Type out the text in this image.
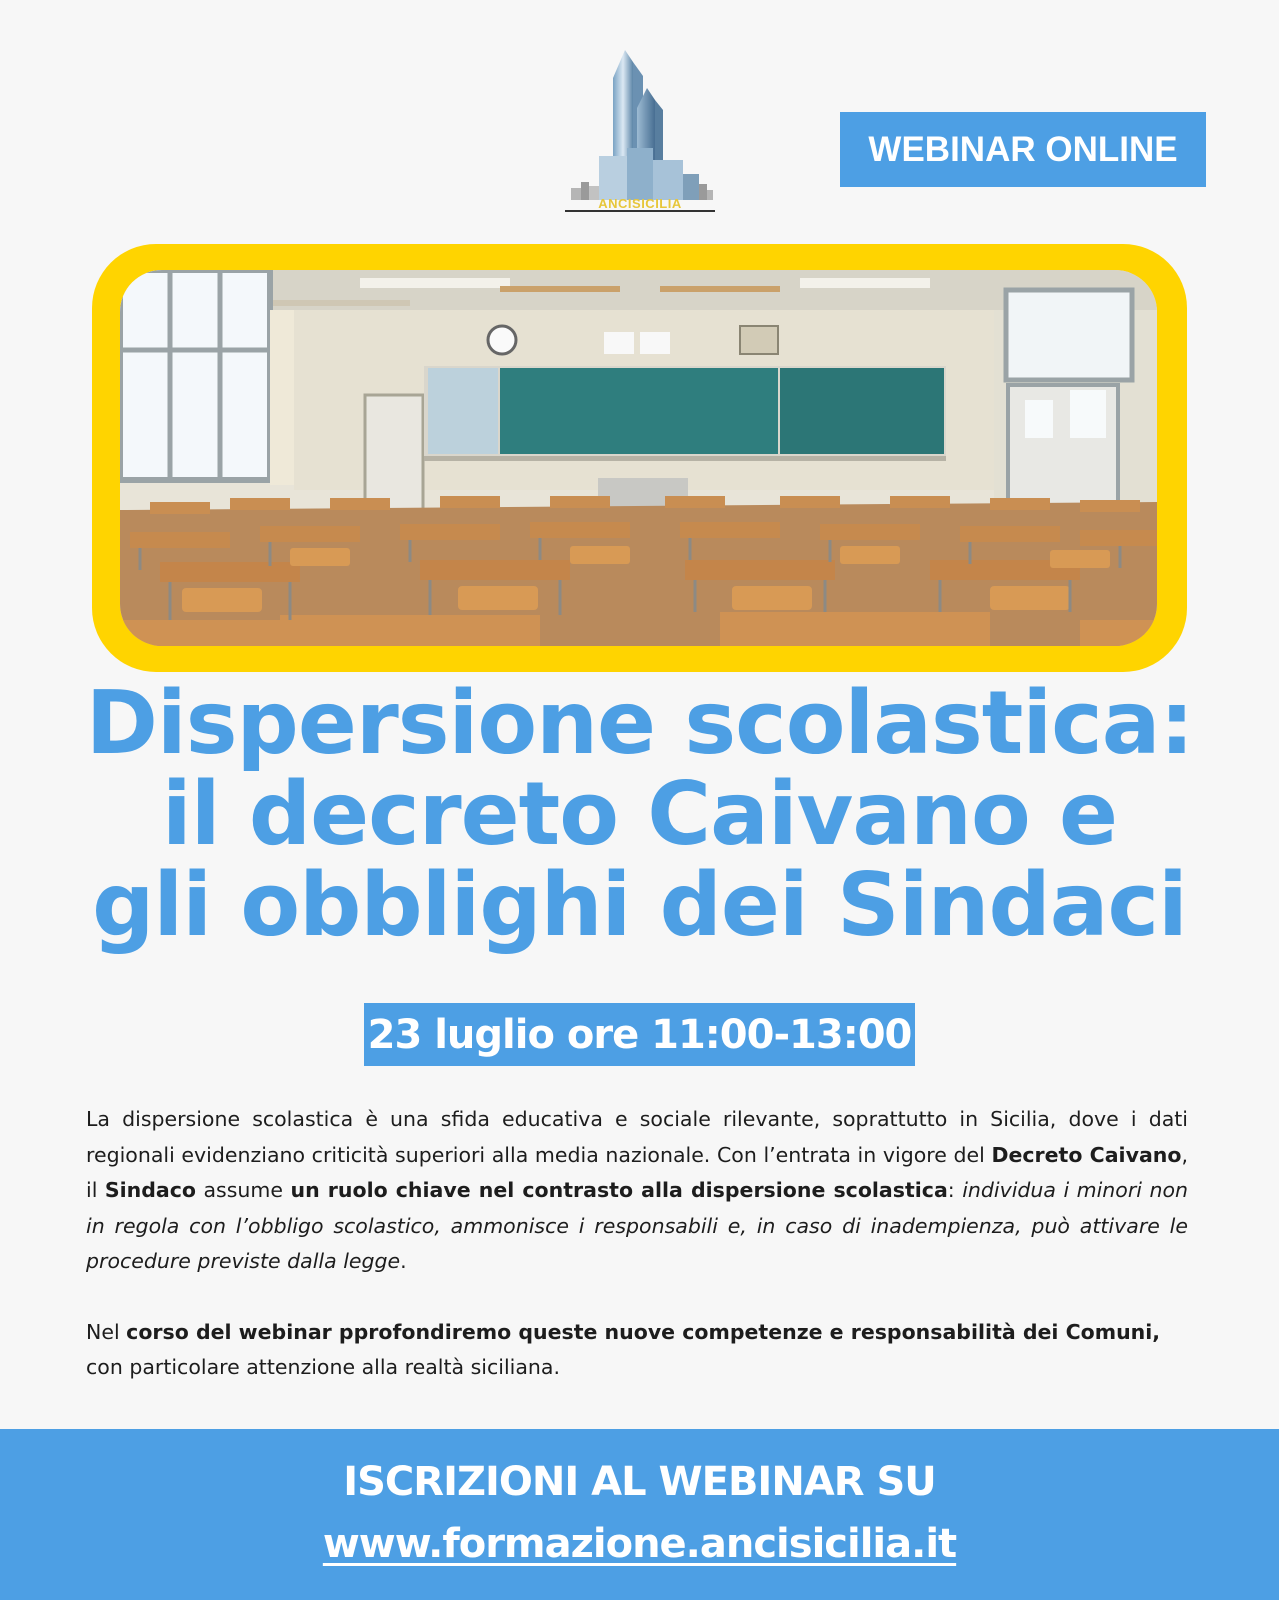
ANCISICILIA
WEBINAR ONLINE
Dispersione scolastica:
il decreto Caivano e
gli obblighi dei Sindaci
23 luglio ore 11:00-13:00

La dispersione scolastica è una sfida educativa e sociale rilevante, soprattutto in Sicilia, dove i dati regionali evidenziano criticità superiori alla media nazionale. Con l’entrata in vigore del Decreto Caivano, il Sindaco assume un ruolo chiave nel contrasto alla dispersione scolastica: individua i minori non in regola con l’obbligo scolastico, ammonisce i responsabili e, in caso di inadempienza, può attivare le procedure previste dalla legge.

Nel corso del webinar pprofondiremo queste nuove competenze e responsabilità dei Comuni, con particolare attenzione alla realtà siciliana.

ISCRIZIONI AL WEBINAR SU
www.formazione.ancisicilia.it
